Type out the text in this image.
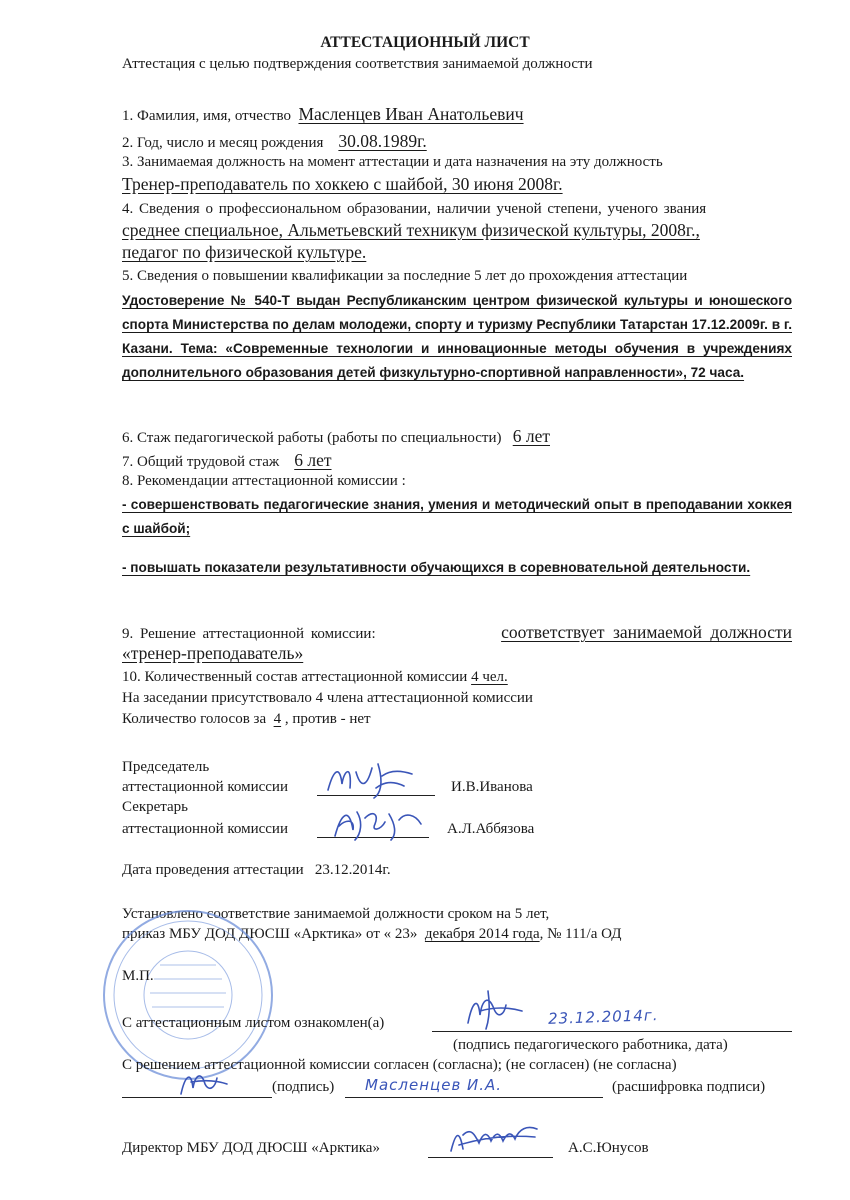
АТТЕСТАЦИОННЫЙ ЛИСТ
Аттестация с целью подтверждения соответствия занимаемой должности
1. Фамилия, имя, отчество Масленцев Иван Анатольевич
2. Год, число и месяц рождения 30.08.1989г.
3. Занимаемая должность на момент аттестации и дата назначения на эту должность
Тренер-преподаватель по хоккею с шайбой, 30 июня 2008г.
4. Сведения о профессиональном образовании, наличии ученой степени, ученого звания
среднее специальное, Альметьевский техникум физической культуры, 2008г.,
педагог по физической культуре.
5. Сведения о повышении квалификации за последние 5 лет до прохождения аттестации
Удостоверение № 540-Т выдан Республиканским центром физической культуры и юношеского спорта Министерства по делам молодежи, спорту и туризму Республики Татарстан 17.12.2009г. в г. Казани. Тема: «Современные технологии и инновационные методы обучения в учреждениях дополнительного образования детей физкультурно-спортивной направленности», 72 часа.
6. Стаж педагогической работы (работы по специальности) 6 лет
7. Общий трудовой стаж 6 лет
8. Рекомендации аттестационной комиссии :
- совершенствовать педагогические знания, умения и методический опыт в преподавании хоккея с шайбой;
- повышать показатели результативности обучающихся в соревновательной деятельности.
9. Решение аттестационной комиссии:	соответствует занимаемой должности
«тренер-преподаватель»
10. Количественный состав аттестационной комиссии 4 чел.
На заседании присутствовало 4 члена аттестационной комиссии
Количество голосов за 4 , против - нет
Председатель
аттестационной комиссии	И.В.Иванова
Секретарь
аттестационной комиссии	А.Л.Аббязова
Дата проведения аттестации 23.12.2014г.
Установлено соответствие занимаемой должности сроком на 5 лет,
приказ МБУ ДОД ДЮСШ «Арктика» от « 23» декабря 2014 года, № 111/а ОД
М.П.
С аттестационным листом ознакомлен(а)	23.12.2014г.
(подпись педагогического работника, дата)
С решением аттестационной комиссии согласен (согласна); (не согласен) (не согласна)
(подпись) Масленцев И.А.	(расшифровка подписи)
Директор МБУ ДОД ДЮСШ «Арктика»	А.С.Юнусов
